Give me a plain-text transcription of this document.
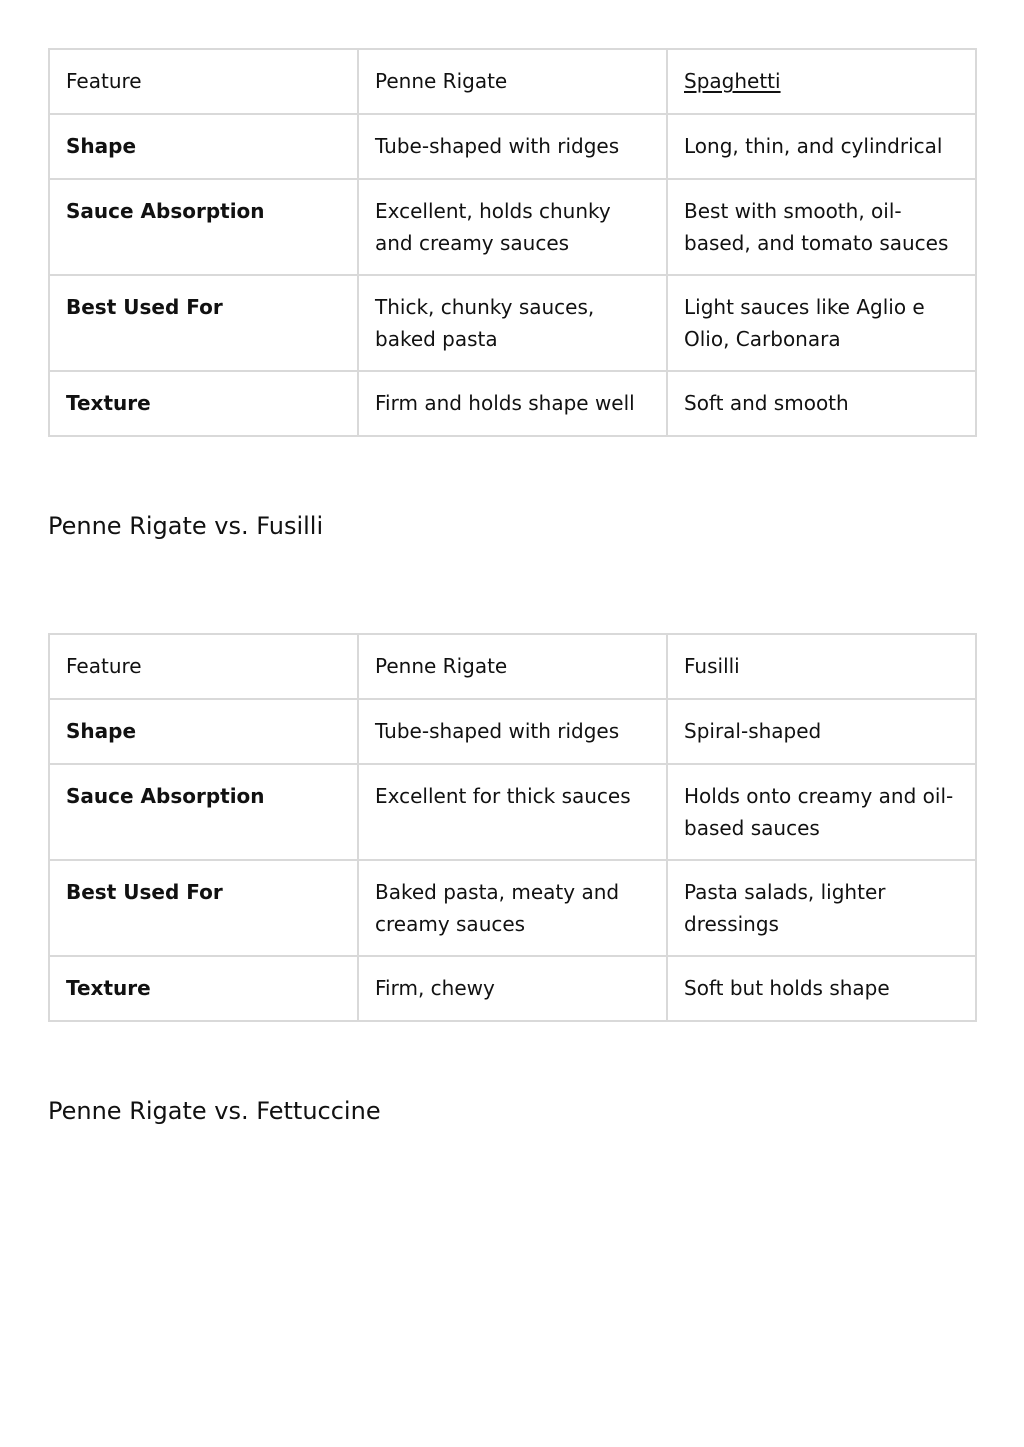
Feature	Penne Rigate	Spaghetti
Shape	Tube-shaped with ridges	Long, thin, and cylindrical
Sauce Absorption	Excellent, holds chunky and creamy sauces	Best with smooth, oil-based, and tomato sauces
Best Used For	Thick, chunky sauces, baked pasta	Light sauces like Aglio e Olio, Carbonara
Texture	Firm and holds shape well	Soft and smooth
Penne Rigate vs. Fusilli
Feature	Penne Rigate	Fusilli
Shape	Tube-shaped with ridges	Spiral-shaped
Sauce Absorption	Excellent for thick sauces	Holds onto creamy and oil-based sauces
Best Used For	Baked pasta, meaty and creamy sauces	Pasta salads, lighter dressings
Texture	Firm, chewy	Soft but holds shape
Penne Rigate vs. Fettuccine
